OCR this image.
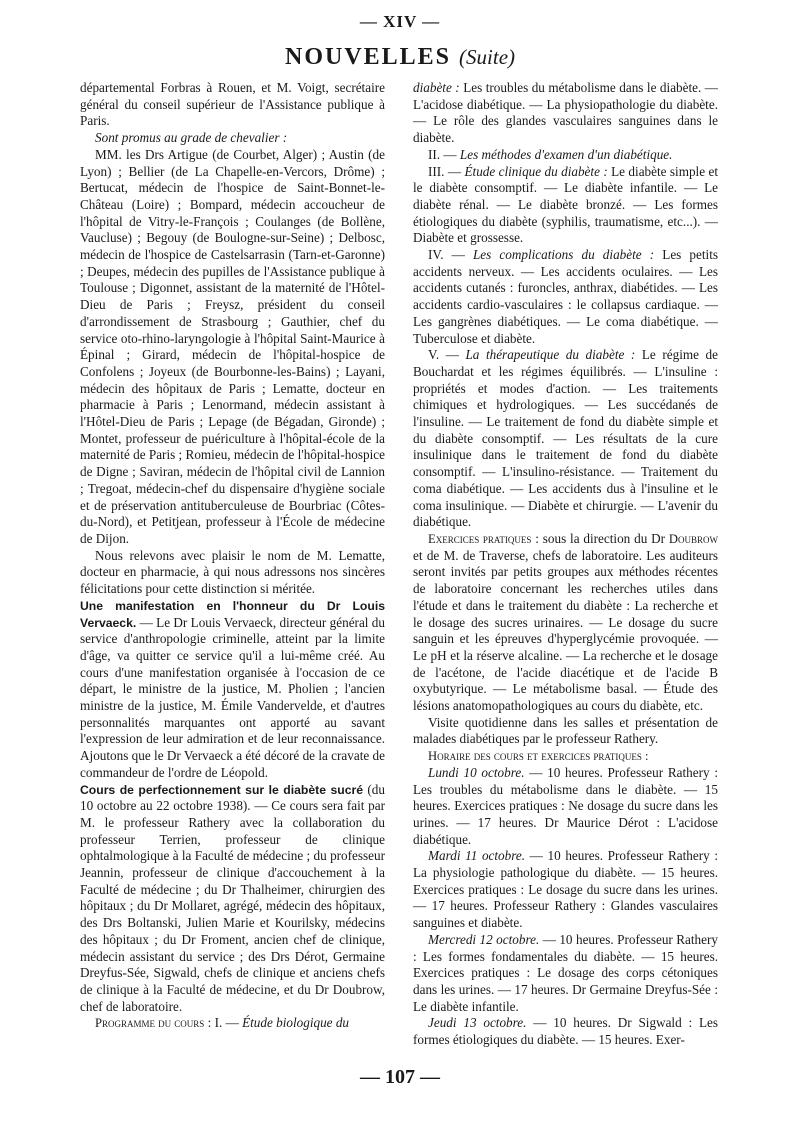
— XIV —
NOUVELLES (Suite)

départemental Forbras à Rouen, et M. Voigt, secrétaire général du conseil supérieur de l'Assistance publique à Paris.

Sont promus au grade de chevalier :

MM. les Drs Artigue (de Courbet, Alger) ; Austin (de Lyon) ; Bellier (de La Chapelle-en-Vercors, Drôme) ; Bertucat, médecin de l'hospice de Saint-Bonnet-le-Château (Loire) ; Bompard, médecin accoucheur de l'hôpital de Vitry-le-François ; Coulanges (de Bollène, Vaucluse) ; Begouy (de Boulogne-sur-Seine) ; Delbosc, médecin de l'hospice de Castelsarrasin (Tarn-et-Garonne) ; Deupes, médecin des pupilles de l'Assistance publique à Toulouse ; Digonnet, assistant de la maternité de l'Hôtel-Dieu de Paris ; Freysz, président du conseil d'arrondissement de Strasbourg ; Gauthier, chef du service oto-rhino-laryngologie à l'hôpital Saint-Maurice à Épinal ; Girard, médecin de l'hôpital-hospice de Confolens ; Joyeux (de Bourbonne-les-Bains) ; Layani, médecin des hôpitaux de Paris ; Lematte, docteur en pharmacie à Paris ; Lenormand, médecin assistant à l'Hôtel-Dieu de Paris ; Lepage (de Bégadan, Gironde) ; Montet, professeur de puériculture à l'hôpital-école de la maternité de Paris ; Romieu, médecin de l'hôpital-hospice de Digne ; Saviran, médecin de l'hôpital civil de Lannion ; Tregoat, médecin-chef du dispensaire d'hygiène sociale et de préservation antituberculeuse de Bourbriac (Côtes-du-Nord), et Petitjean, professeur à l'École de médecine de Dijon.

Nous relevons avec plaisir le nom de M. Lematte, docteur en pharmacie, à qui nous adressons nos sincères félicitations pour cette distinction si méritée.

Une manifestation en l'honneur du Dr Louis Vervaeck. — Le Dr Louis Vervaeck, directeur général du service d'anthropologie criminelle, atteint par la limite d'âge, va quitter ce service qu'il a lui-même créé. Au cours d'une manifestation organisée à l'occasion de ce départ, le ministre de la justice, M. Pholien ; l'ancien ministre de la justice, M. Émile Vandervelde, et d'autres personnalités marquantes ont apporté au savant l'expression de leur admiration et de leur reconnaissance. Ajoutons que le Dr Vervaeck a été décoré de la cravate de commandeur de l'ordre de Léopold.

Cours de perfectionnement sur le diabète sucré (du 10 octobre au 22 octobre 1938). — Ce cours sera fait par M. le professeur Rathery avec la collaboration du professeur Terrien, professeur de clinique ophtalmologique à la Faculté de médecine ; du professeur Jeannin, professeur de clinique d'accouchement à la Faculté de médecine ; du Dr Thalheimer, chirurgien des hôpitaux ; du Dr Mollaret, agrégé, médecin des hôpitaux, des Drs Boltanski, Julien Marie et Kourilsky, médecins des hôpitaux ; du Dr Froment, ancien chef de clinique, médecin assistant du service ; des Drs Dérot, Germaine Dreyfus-Sée, Sigwald, chefs de clinique et anciens chefs de clinique à la Faculté de médecine, et du Dr Doubrow, chef de laboratoire.

Programme du cours : I. — Étude biologique du

diabète : Les troubles du métabolisme dans le diabète. — L'acidose diabétique. — La physiopathologie du diabète. — Le rôle des glandes vasculaires sanguines dans le diabète.

II. — Les méthodes d'examen d'un diabétique.

III. — Étude clinique du diabète : Le diabète simple et le diabète consomptif. — Le diabète infantile. — Le diabète rénal. — Le diabète bronzé. — Les formes étiologiques du diabète (syphilis, traumatisme, etc...). — Diabète et grossesse.

IV. — Les complications du diabète : Les petits accidents nerveux. — Les accidents oculaires. — Les accidents cutanés : furoncles, anthrax, diabétides. — Les accidents cardio-vasculaires : le collapsus cardiaque. — Les gangrènes diabétiques. — Le coma diabétique. — Tuberculose et diabète.

V. — La thérapeutique du diabète : Le régime de Bouchardat et les régimes équilibrés. — L'insuline : propriétés et modes d'action. — Les traitements chimiques et hydrologiques. — Les succédanés de l'insuline. — Le traitement de fond du diabète simple et du diabète consomptif. — Les résultats de la cure insulinique dans le traitement de fond du diabète consomptif. — L'insulino-résistance. — Traitement du coma diabétique. — Les accidents dus à l'insuline et le coma insulinique. — Diabète et chirurgie. — L'avenir du diabétique.

Exercices pratiques : sous la direction du Dr Doubrow et de M. de Traverse, chefs de laboratoire. Les auditeurs seront invités par petits groupes aux méthodes récentes de laboratoire concernant les recherches utiles dans l'étude et dans le traitement du diabète : La recherche et le dosage des sucres urinaires. — Le dosage du sucre sanguin et les épreuves d'hyperglycémie provoquée. — Le pH et la réserve alcaline. — La recherche et le dosage de l'acétone, de l'acide diacétique et de l'acide B oxybutyrique. — Le métabolisme basal. — Étude des lésions anatomopathologiques au cours du diabète, etc.

Visite quotidienne dans les salles et présentation de malades diabétiques par le professeur Rathery.

Horaire des cours et exercices pratiques :

Lundi 10 octobre. — 10 heures. Professeur Rathery : Les troubles du métabolisme dans le diabète. — 15 heures. Exercices pratiques : Ne dosage du sucre dans les urines. — 17 heures. Dr Maurice Dérot : L'acidose diabétique.

Mardi 11 octobre. — 10 heures. Professeur Rathery : La physiologie pathologique du diabète. — 15 heures. Exercices pratiques : Le dosage du sucre dans les urines. — 17 heures. Professeur Rathery : Glandes vasculaires sanguines et diabète.

Mercredi 12 octobre. — 10 heures. Professeur Rathery : Les formes fondamentales du diabète. — 15 heures. Exercices pratiques : Le dosage des corps cétoniques dans les urines. — 17 heures. Dr Germaine Dreyfus-Sée : Le diabète infantile.

Jeudi 13 octobre. — 10 heures. Dr Sigwald : Les formes étiologiques du diabète. — 15 heures. Exer-

— 107 —
